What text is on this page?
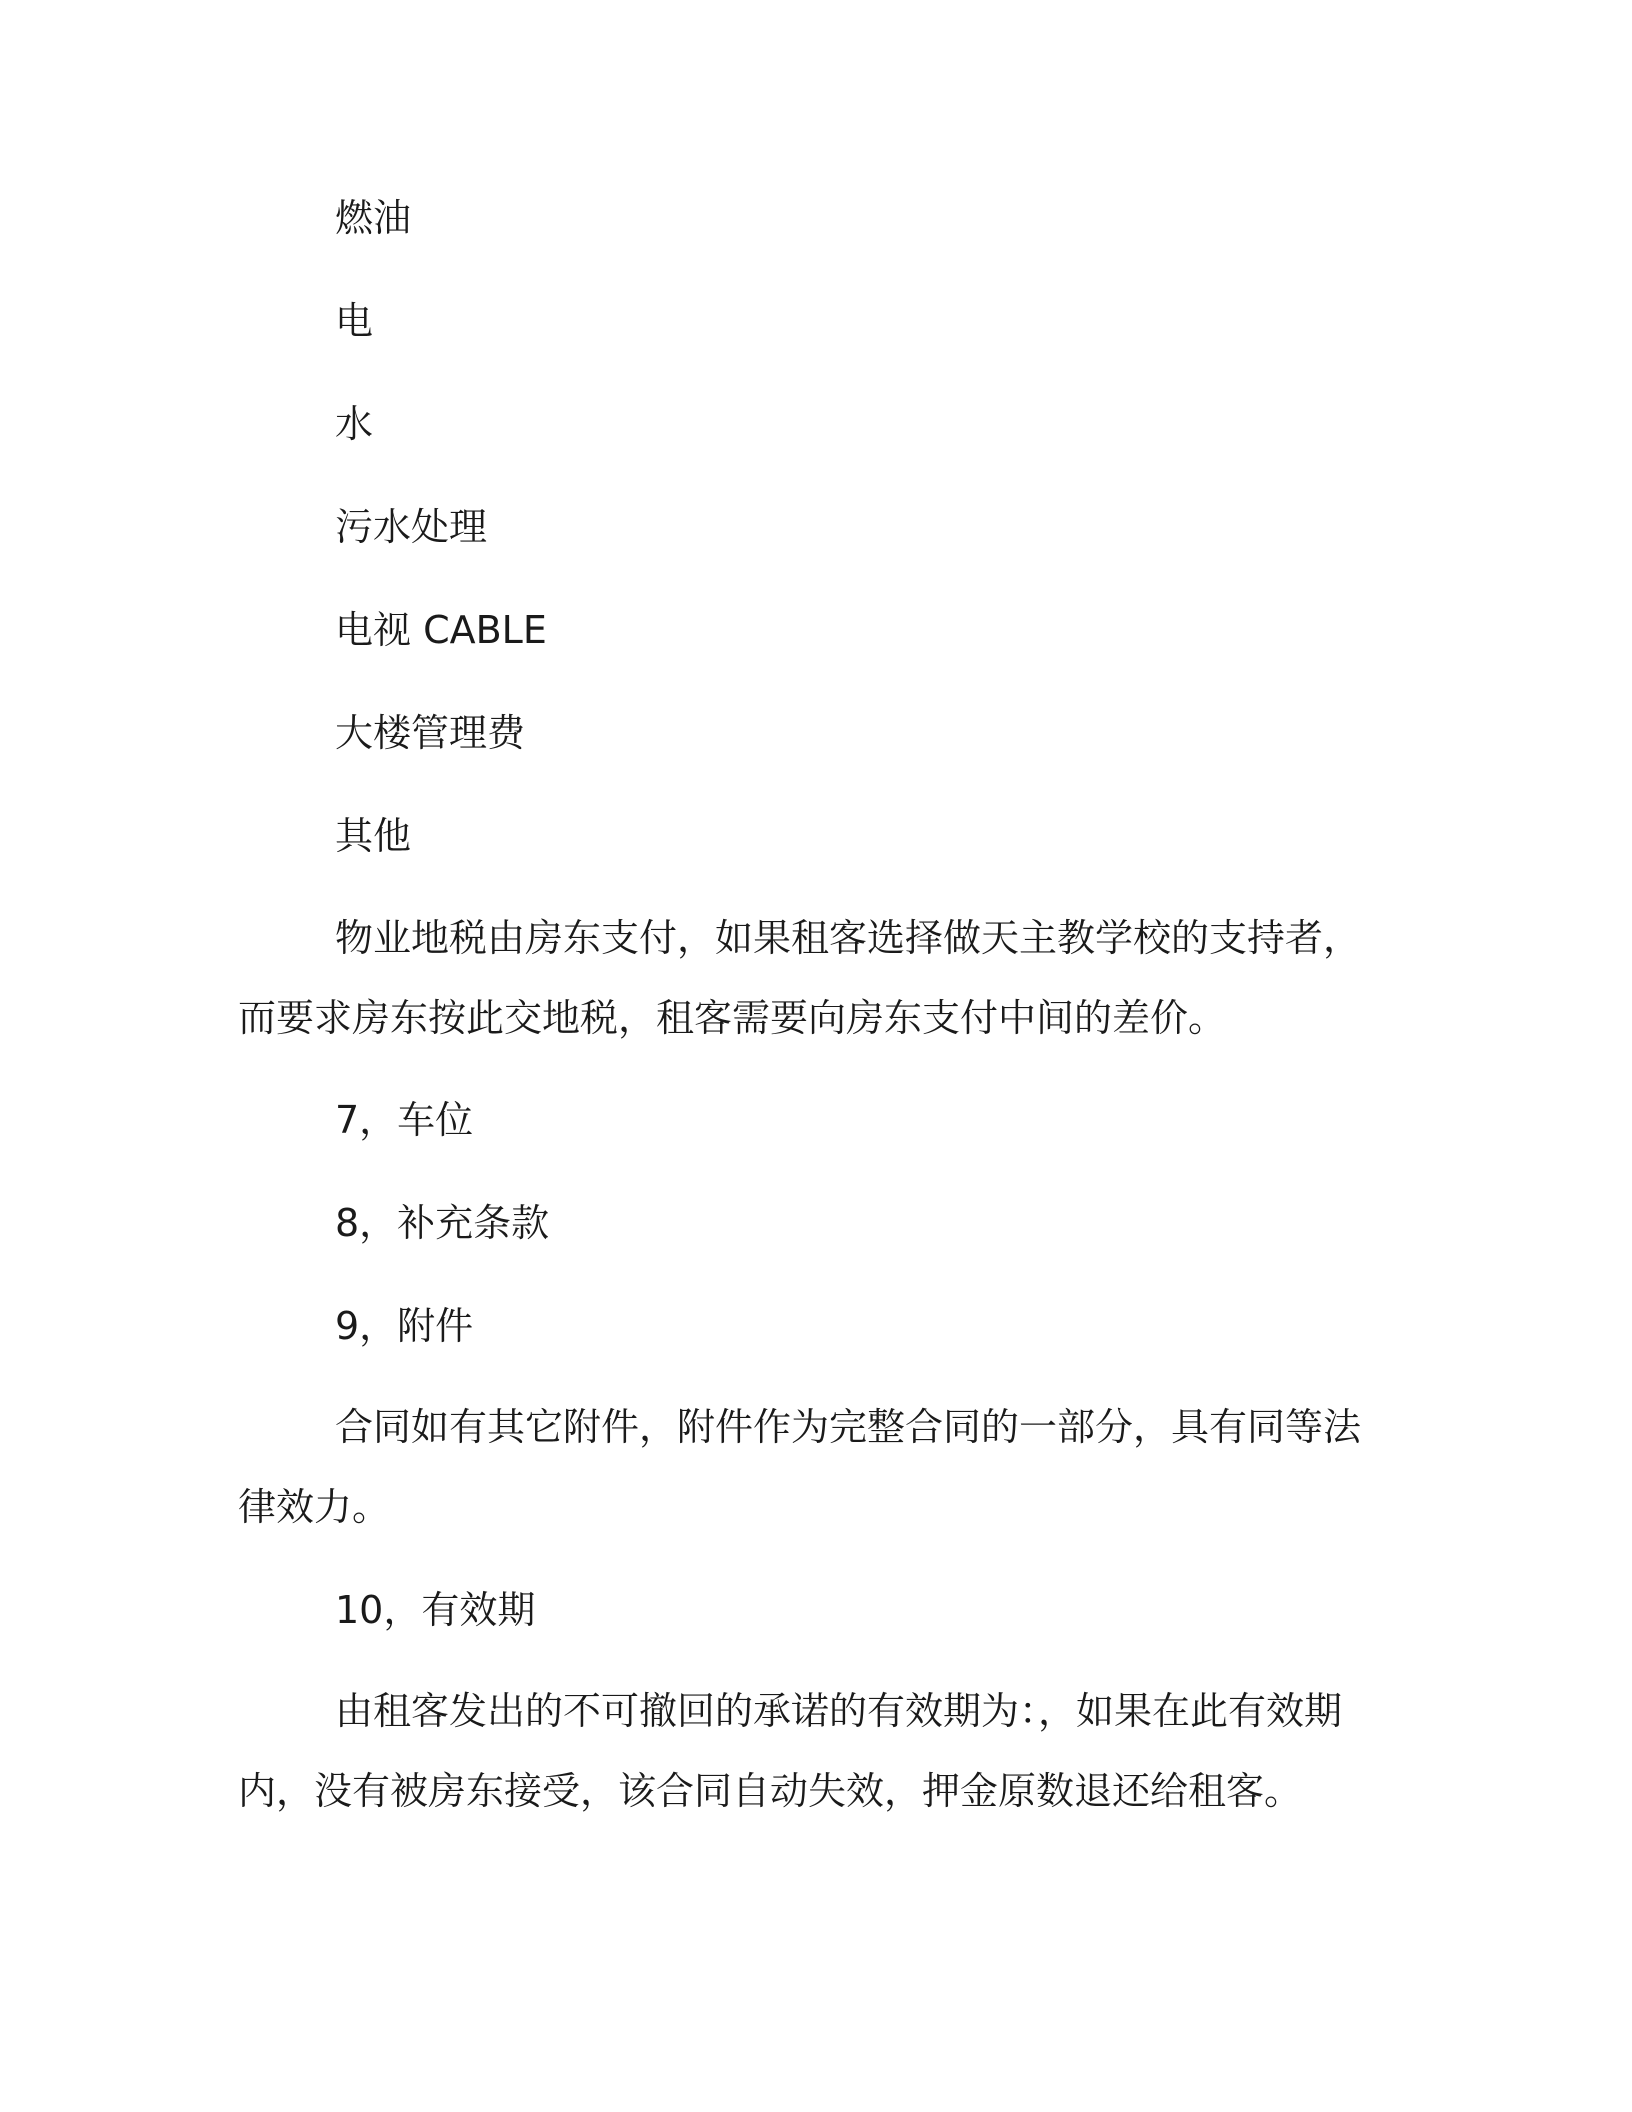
燃油

电

水

污水处理

电视 CABLE

大楼管理费

其他

物业地税由房东支付，如果租客选择做天主教学校的支持者，而要求房东按此交地税，租客需要向房东支付中间的差价。

7，车位

8，补充条款

9，附件

合同如有其它附件，附件作为完整合同的一部分，具有同等法律效力。

10，有效期

由租客发出的不可撤回的承诺的有效期为：，如果在此有效期内，没有被房东接受，该合同自动失效，押金原数退还给租客。
